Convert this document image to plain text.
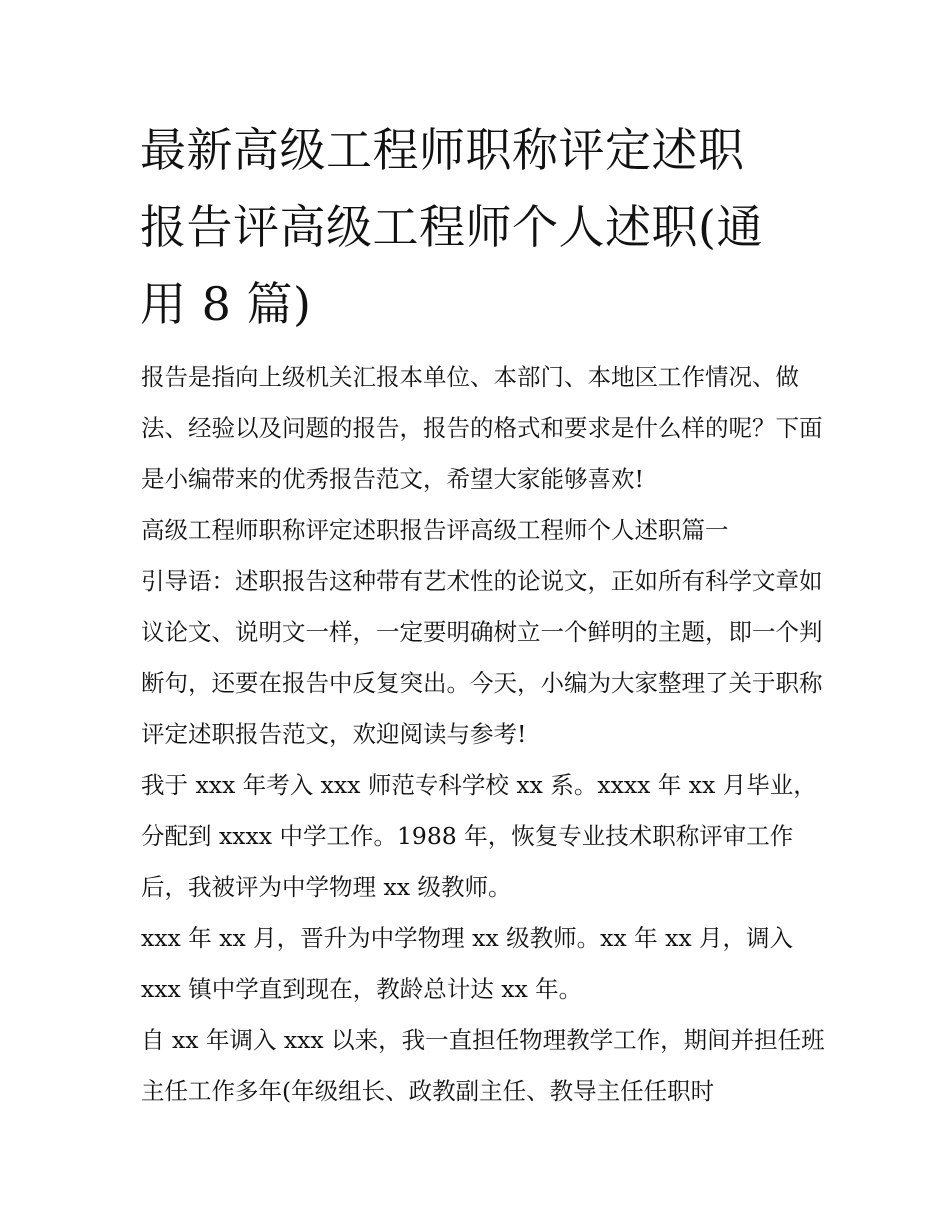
最新高级工程师职称评定述职
报告评高级工程师个人述职(通
用 8 篇)

报告是指向上级机关汇报本单位、本部门、本地区工作情况、做法、经验以及问题的报告，报告的格式和要求是什么样的呢？下面是小编带来的优秀报告范文，希望大家能够喜欢!

高级工程师职称评定述职报告评高级工程师个人述职篇一

引导语：述职报告这种带有艺术性的论说文，正如所有科学文章如议论文、说明文一样，一定要明确树立一个鲜明的主题，即一个判断句，还要在报告中反复突出。今天，小编为大家整理了关于职称评定述职报告范文，欢迎阅读与参考!

我于 xxx 年考入 xxx 师范专科学校 xx 系。xxxx 年 xx 月毕业，分配到 xxxx 中学工作。1988 年，恢复专业技术职称评审工作后，我被评为中学物理 xx 级教师。

xxx 年 xx 月，晋升为中学物理 xx 级教师。xx 年 xx 月，调入 xxx 镇中学直到现在，教龄总计达 xx 年。

自 xx 年调入 xxx 以来，我一直担任物理教学工作，期间并担任班主任工作多年(年级组长、政教副主任、教导主任任职时
